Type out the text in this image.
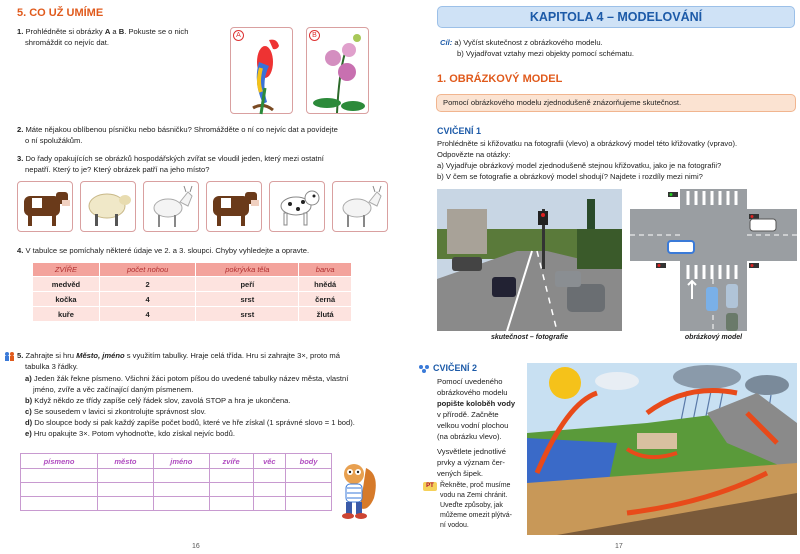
5. CO UŽ UMÍME
1. Prohlédněte si obrázky A a B. Pokuste se o nich
shromáždit co nejvíc dat.
A	B
2. Máte nějakou oblíbenou písničku nebo básničku? Shromážděte o ní co nejvíc dat a povídejte
o ní spolužákům.
3. Do řady opakujících se obrázků hospodářských zvířat se vloudil jeden, který mezi ostatní
nepatří. Který to je? Který obrázek patří na jeho místo?
4. V tabulce se pomíchaly některé údaje ve 2. a 3. sloupci. Chyby vyhledejte a opravte.
ZVÍŘE	počet nohou	pokrývka těla	barva
medvěd	2	peří	hnědá
kočka	4	srst	černá
kuře	4	srst	žlutá
5. Zahrajte si hru Město, jméno s využitím tabulky. Hraje celá třída. Hru si zahrajte 3×, proto má
tabulka 3 řádky.
a) Jeden žák řekne písmeno. Všichni žáci potom píšou do uvedené tabulky název města, vlastní
jméno, zvíře a věc začínající daným písmenem.
b) Když někdo ze třídy zapíše celý řádek slov, zavolá STOP a hra je ukončena.
c) Se sousedem v lavici si zkontrolujte správnost slov.
d) Do sloupce body si pak každý zapíše počet bodů, které ve hře získal (1 správné slovo = 1 bod).
e) Hru opakujte 3×. Potom vyhodnoťte, kdo získal nejvíc bodů.
písmeno	město	jméno	zvíře	věc	body

16
KAPITOLA 4 – MODELOVÁNÍ
Cíl: a) Vyčíst skutečnost z obrázkového modelu.
b) Vyjadřovat vztahy mezi objekty pomocí schématu.
1. OBRÁZKOVÝ MODEL
Pomocí obrázkového modelu zjednodušeně znázorňujeme skutečnost.
CVIČENÍ 1
Prohlédněte si křižovatku na fotografii (vlevo) a obrázkový model této křižovatky (vpravo).
Odpovězte na otázky:
a) Vyjadřuje obrázkový model zjednodušeně stejnou křižovatku, jako je na fotografii?
b) V čem se fotografie a obrázkový model shodují? Najdete i rozdíly mezi nimi?
skutečnost – fotografie	obrázkový model
CVIČENÍ 2
Pomocí uvedeného
obrázkového modelu
popište koloběh vody
v přírodě. Začněte
velkou vodní plochou
(na obrázku vlevo).
Vysvětlete jednotlivé
prvky a význam čer-
vených šipek.
PT Řekněte, proč musíme
vodu na Zemi chránit.
Uveďte způsoby, jak
můžeme omezit plýtvá-
ní vodou.
17
